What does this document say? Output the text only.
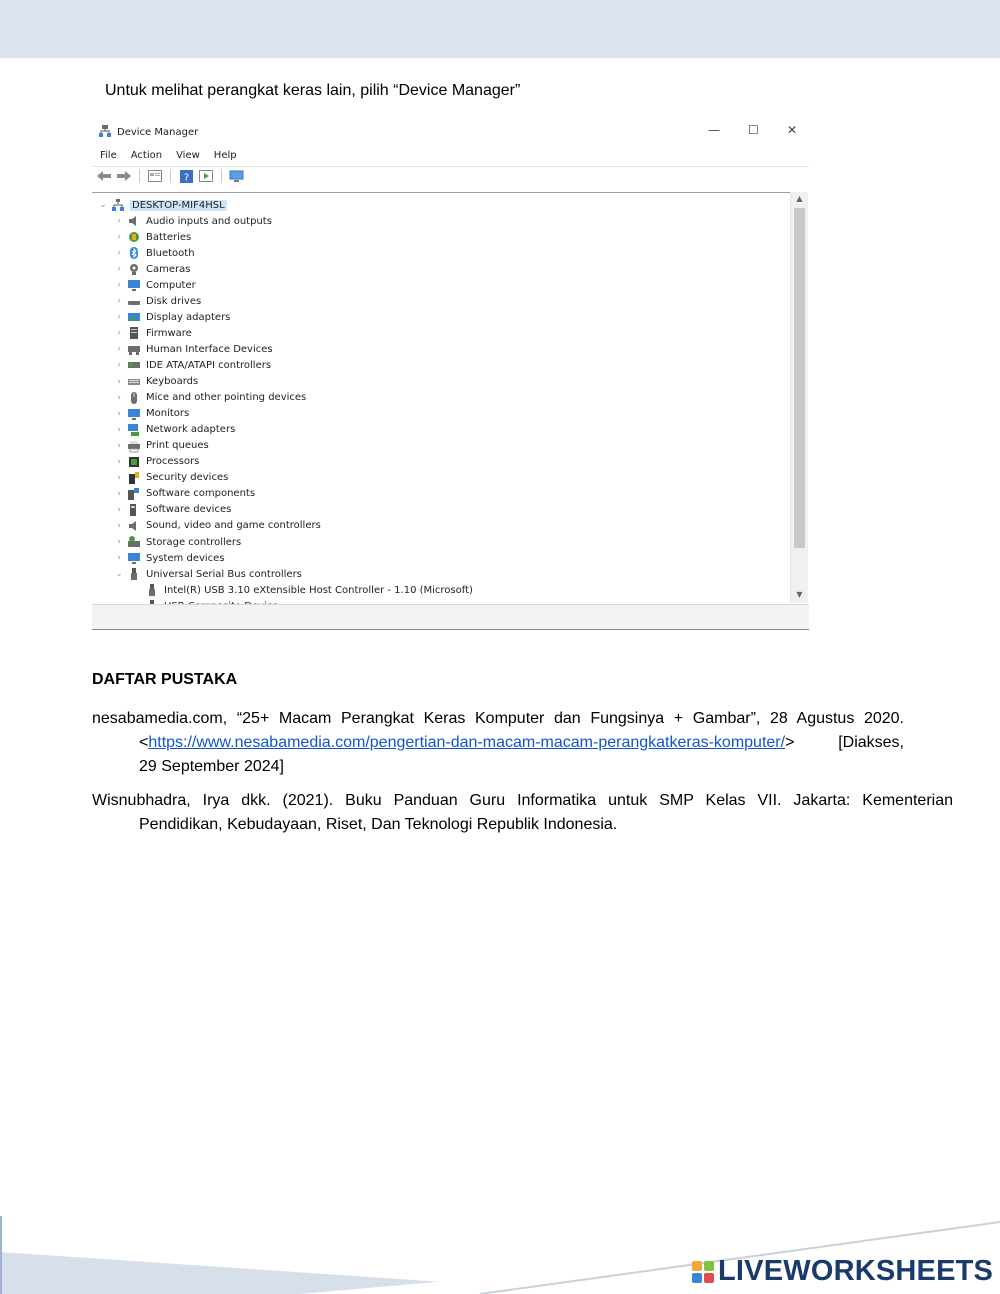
Untuk melihat perangkat keras lain, pilih “Device Manager”
Device Manager	— ☐ ✕
File Action View Help
?
⌄	DESKTOP-MIF4HSL
›	Audio inputs and outputs
›	Batteries
›	Bluetooth
›	Cameras
›	Computer
›	Disk drives
›	Display adapters
›	Firmware
›	Human Interface Devices
›	IDE ATA/ATAPI controllers
›	Keyboards
›	Mice and other pointing devices
›	Monitors
›	Network adapters
›	Print queues
›	Processors
›	Security devices
›	Software components
›	Software devices
›	Sound, video and game controllers
›	Storage controllers
›	System devices
⌄ Universal Serial Bus controllers
Intel(R) USB 3.10 eXtensible Host Controller - 1.10 (Microsoft)
▲
▼
DAFTAR PUSTAKA
nesabamedia.com, “25+ Macam Perangkat Keras Komputer dan Fungsinya + Gambar”, 28 Agustus 2020.
<https://www.nesabamedia.com/pengertian-dan-macam-macam-perangkatkeras-komputer/>	[Diakses,
29 September 2024]
Wisnubhadra, Irya dkk. (2021). Buku Panduan Guru Informatika untuk SMP Kelas VII. Jakarta: Kementerian
Pendidikan, Kebudayaan, Riset, Dan Teknologi Republik Indonesia.
LIVEWORKSHEETS
